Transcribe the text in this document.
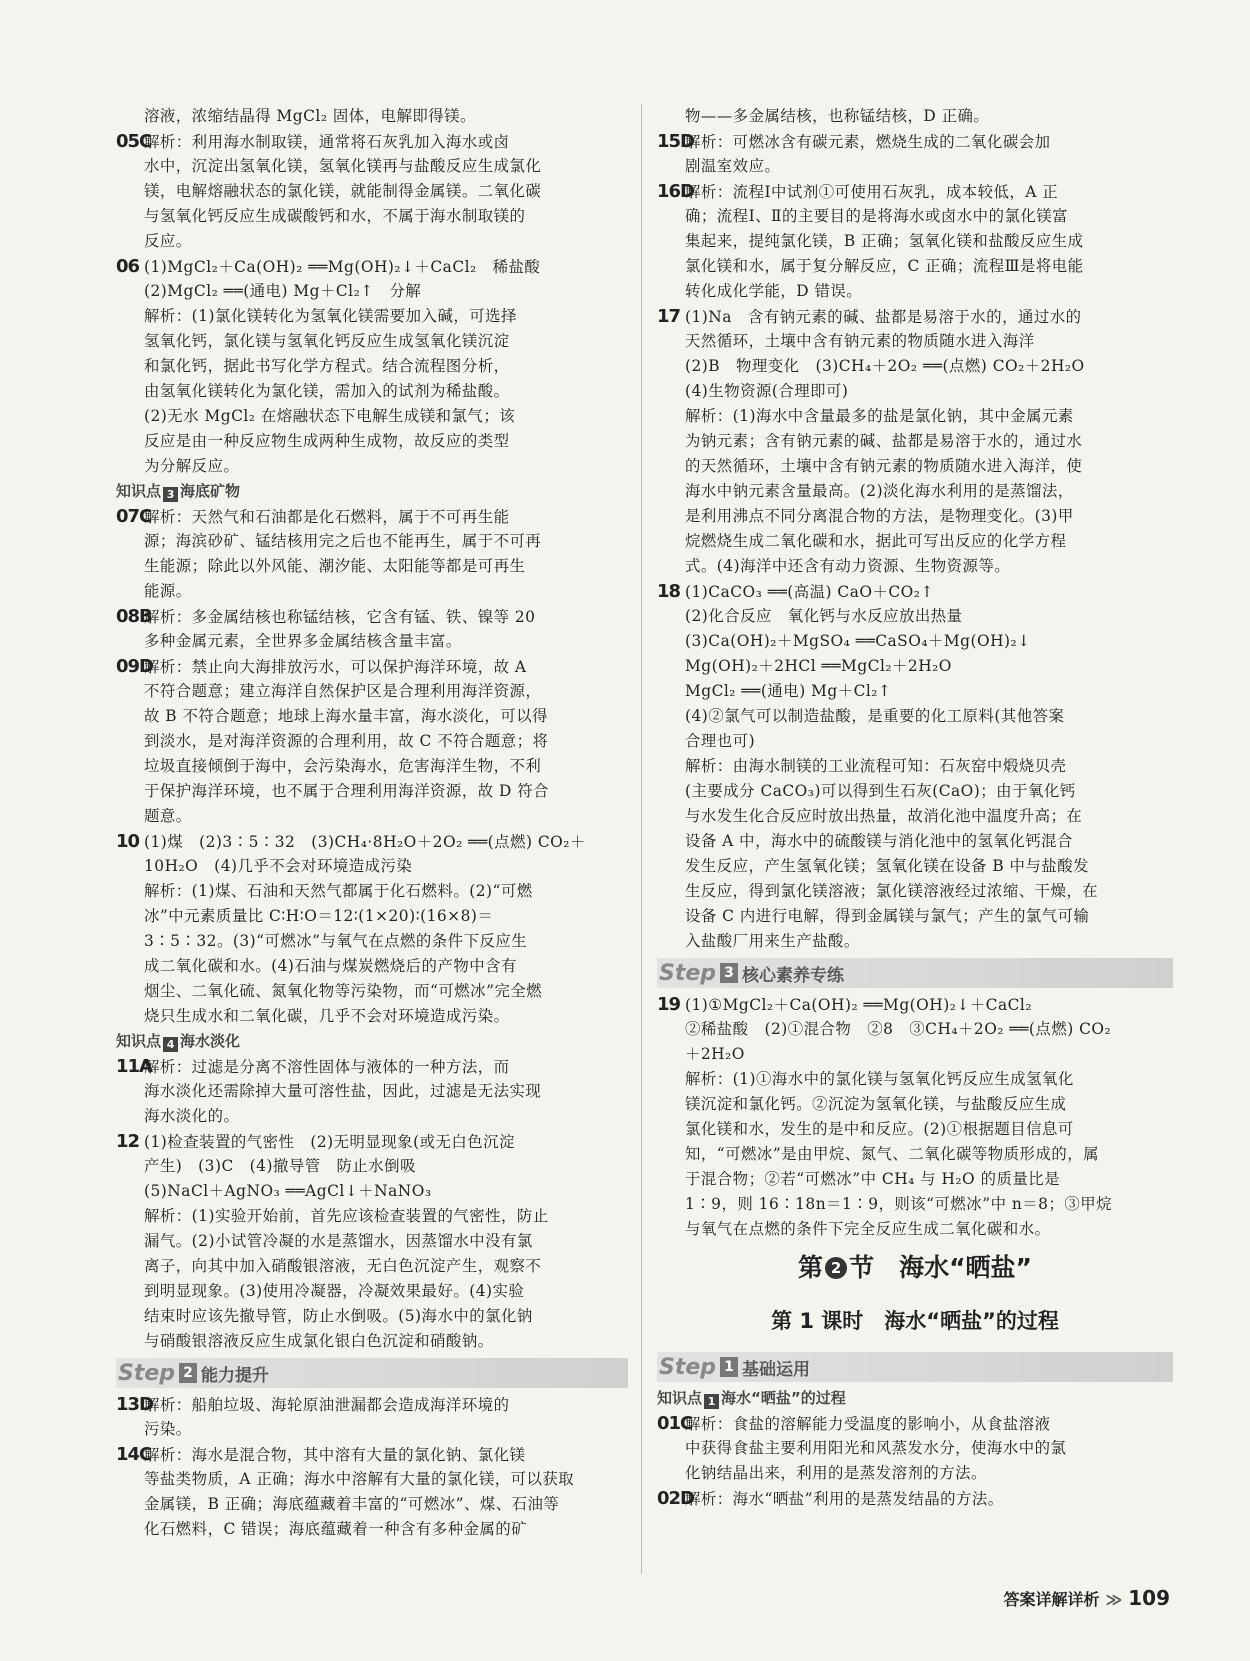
溶液，浓缩结晶得 MgCl₂ 固体，电解即得镁。
05C解析：利用海水制取镁，通常将石灰乳加入海水或卤
水中，沉淀出氢氧化镁，氢氧化镁再与盐酸反应生成氯化
镁，电解熔融状态的氯化镁，就能制得金属镁。二氧化碳
与氢氧化钙反应生成碳酸钙和水，不属于海水制取镁的
反应。
06 (1)MgCl₂＋Ca(OH)₂ ══Mg(OH)₂↓＋CaCl₂　稀盐酸
(2)MgCl₂ ══(通电) Mg＋Cl₂↑　分解
解析：(1)氯化镁转化为氢氧化镁需要加入碱，可选择
氢氧化钙，氯化镁与氢氧化钙反应生成氢氧化镁沉淀
和氯化钙，据此书写化学方程式。结合流程图分析，
由氢氧化镁转化为氯化镁，需加入的试剂为稀盐酸。
(2)无水 MgCl₂ 在熔融状态下电解生成镁和氯气；该
反应是由一种反应物生成两种生成物，故反应的类型
为分解反应。
知识点 3 海底矿物
07C解析：天然气和石油都是化石燃料，属于不可再生能
源；海滨砂矿、锰结核用完之后也不能再生，属于不可再
生能源；除此以外风能、潮汐能、太阳能等都是可再生
能源。
08B解析：多金属结核也称锰结核，它含有锰、铁、镍等 20
多种金属元素，全世界多金属结核含量丰富。
09D解析：禁止向大海排放污水，可以保护海洋环境，故 A
不符合题意；建立海洋自然保护区是合理利用海洋资源，
故 B 不符合题意；地球上海水量丰富，海水淡化，可以得
到淡水，是对海洋资源的合理利用，故 C 不符合题意；将
垃圾直接倾倒于海中，会污染海水，危害海洋生物，不利
于保护海洋环境，也不属于合理利用海洋资源，故 D 符合
题意。
10 (1)煤　(2)3∶5∶32　(3)CH₄·8H₂O＋2O₂ ══(点燃) CO₂＋
10H₂O　(4)几乎不会对环境造成污染
解析：(1)煤、石油和天然气都属于化石燃料。(2)“可燃
冰”中元素质量比 C∶H∶O＝12∶(1×20)∶(16×8)＝
3∶5∶32。(3)“可燃冰”与氧气在点燃的条件下反应生
成二氧化碳和水。(4)石油与煤炭燃烧后的产物中含有
烟尘、二氧化硫、氮氧化物等污染物，而“可燃冰”完全燃
烧只生成水和二氧化碳，几乎不会对环境造成污染。
知识点 4 海水淡化
11A解析：过滤是分离不溶性固体与液体的一种方法，而
海水淡化还需除掉大量可溶性盐，因此，过滤是无法实现
海水淡化的。
12 (1)检查装置的气密性　(2)无明显现象(或无白色沉淀
产生)　(3)C　(4)撤导管　防止水倒吸
(5)NaCl＋AgNO₃ ══AgCl↓＋NaNO₃
解析：(1)实验开始前，首先应该检查装置的气密性，防止
漏气。(2)小试管冷凝的水是蒸馏水，因蒸馏水中没有氯
离子，向其中加入硝酸银溶液，无白色沉淀产生，观察不
到明显现象。(3)使用冷凝器，冷凝效果最好。(4)实验
结束时应该先撤导管，防止水倒吸。(5)海水中的氯化钠
与硝酸银溶液反应生成氯化银白色沉淀和硝酸钠。
Step 2 能力提升
13D解析：船舶垃圾、海轮原油泄漏都会造成海洋环境的
污染。
14C解析：海水是混合物，其中溶有大量的氯化钠、氯化镁
等盐类物质，A 正确；海水中溶解有大量的氯化镁，可以获取
金属镁，B 正确；海底蕴藏着丰富的“可燃冰”、煤、石油等
化石燃料，C 错误；海底蕴藏着一种含有多种金属的矿
物——多金属结核，也称锰结核，D 正确。
15D解析：可燃冰含有碳元素，燃烧生成的二氧化碳会加
剧温室效应。
16D解析：流程Ⅰ中试剂①可使用石灰乳，成本较低，A 正
确；流程Ⅰ、Ⅱ的主要目的是将海水或卤水中的氯化镁富
集起来，提纯氯化镁，B 正确；氢氧化镁和盐酸反应生成
氯化镁和水，属于复分解反应，C 正确；流程Ⅲ是将电能
转化成化学能，D 错误。
17 (1)Na　含有钠元素的碱、盐都是易溶于水的，通过水的
天然循环，土壤中含有钠元素的物质随水进入海洋
(2)B　物理变化　(3)CH₄＋2O₂ ══(点燃) CO₂＋2H₂O
(4)生物资源(合理即可)
解析：(1)海水中含量最多的盐是氯化钠，其中金属元素
为钠元素；含有钠元素的碱、盐都是易溶于水的，通过水
的天然循环，土壤中含有钠元素的物质随水进入海洋，使
海水中钠元素含量最高。(2)淡化海水利用的是蒸馏法，
是利用沸点不同分离混合物的方法，是物理变化。(3)甲
烷燃烧生成二氧化碳和水，据此可写出反应的化学方程
式。(4)海洋中还含有动力资源、生物资源等。
18 (1)CaCO₃ ══(高温) CaO＋CO₂↑
(2)化合反应　氧化钙与水反应放出热量
(3)Ca(OH)₂＋MgSO₄ ══CaSO₄＋Mg(OH)₂↓
Mg(OH)₂＋2HCl ══MgCl₂＋2H₂O
MgCl₂ ══(通电) Mg＋Cl₂↑
(4)②氯气可以制造盐酸，是重要的化工原料(其他答案
合理也可)
解析：由海水制镁的工业流程可知：石灰窑中煅烧贝壳
(主要成分 CaCO₃)可以得到生石灰(CaO)；由于氧化钙
与水发生化合反应时放出热量，故消化池中温度升高；在
设备 A 中，海水中的硫酸镁与消化池中的氢氧化钙混合
发生反应，产生氢氧化镁；氢氧化镁在设备 B 中与盐酸发
生反应，得到氯化镁溶液；氯化镁溶液经过浓缩、干燥，在
设备 C 内进行电解，得到金属镁与氯气；产生的氯气可输
入盐酸厂用来生产盐酸。
Step 3 核心素养专练
19 (1)①MgCl₂＋Ca(OH)₂ ══Mg(OH)₂↓＋CaCl₂
②稀盐酸　(2)①混合物　②8　③CH₄＋2O₂ ══(点燃) CO₂
＋2H₂O
解析：(1)①海水中的氯化镁与氢氧化钙反应生成氢氧化
镁沉淀和氯化钙。②沉淀为氢氧化镁，与盐酸反应生成
氯化镁和水，发生的是中和反应。(2)①根据题目信息可
知，“可燃冰”是由甲烷、氮气、二氧化碳等物质形成的，属
于混合物；②若“可燃冰”中 CH₄ 与 H₂O 的质量比是
1∶9，则 16∶18n＝1∶9，则该“可燃冰”中 n＝8；③甲烷
与氧气在点燃的条件下完全反应生成二氧化碳和水。
第 2 节　海水“晒盐”
第 1 课时　海水“晒盐”的过程
Step 1 基础运用
知识点 1 海水“晒盐”的过程
01C解析：食盐的溶解能力受温度的影响小，从食盐溶液
中获得食盐主要利用阳光和风蒸发水分，使海水中的氯
化钠结晶出来，利用的是蒸发溶剂的方法。
02D解析：海水“晒盐”利用的是蒸发结晶的方法。
答案详解详析 ≫ 109
